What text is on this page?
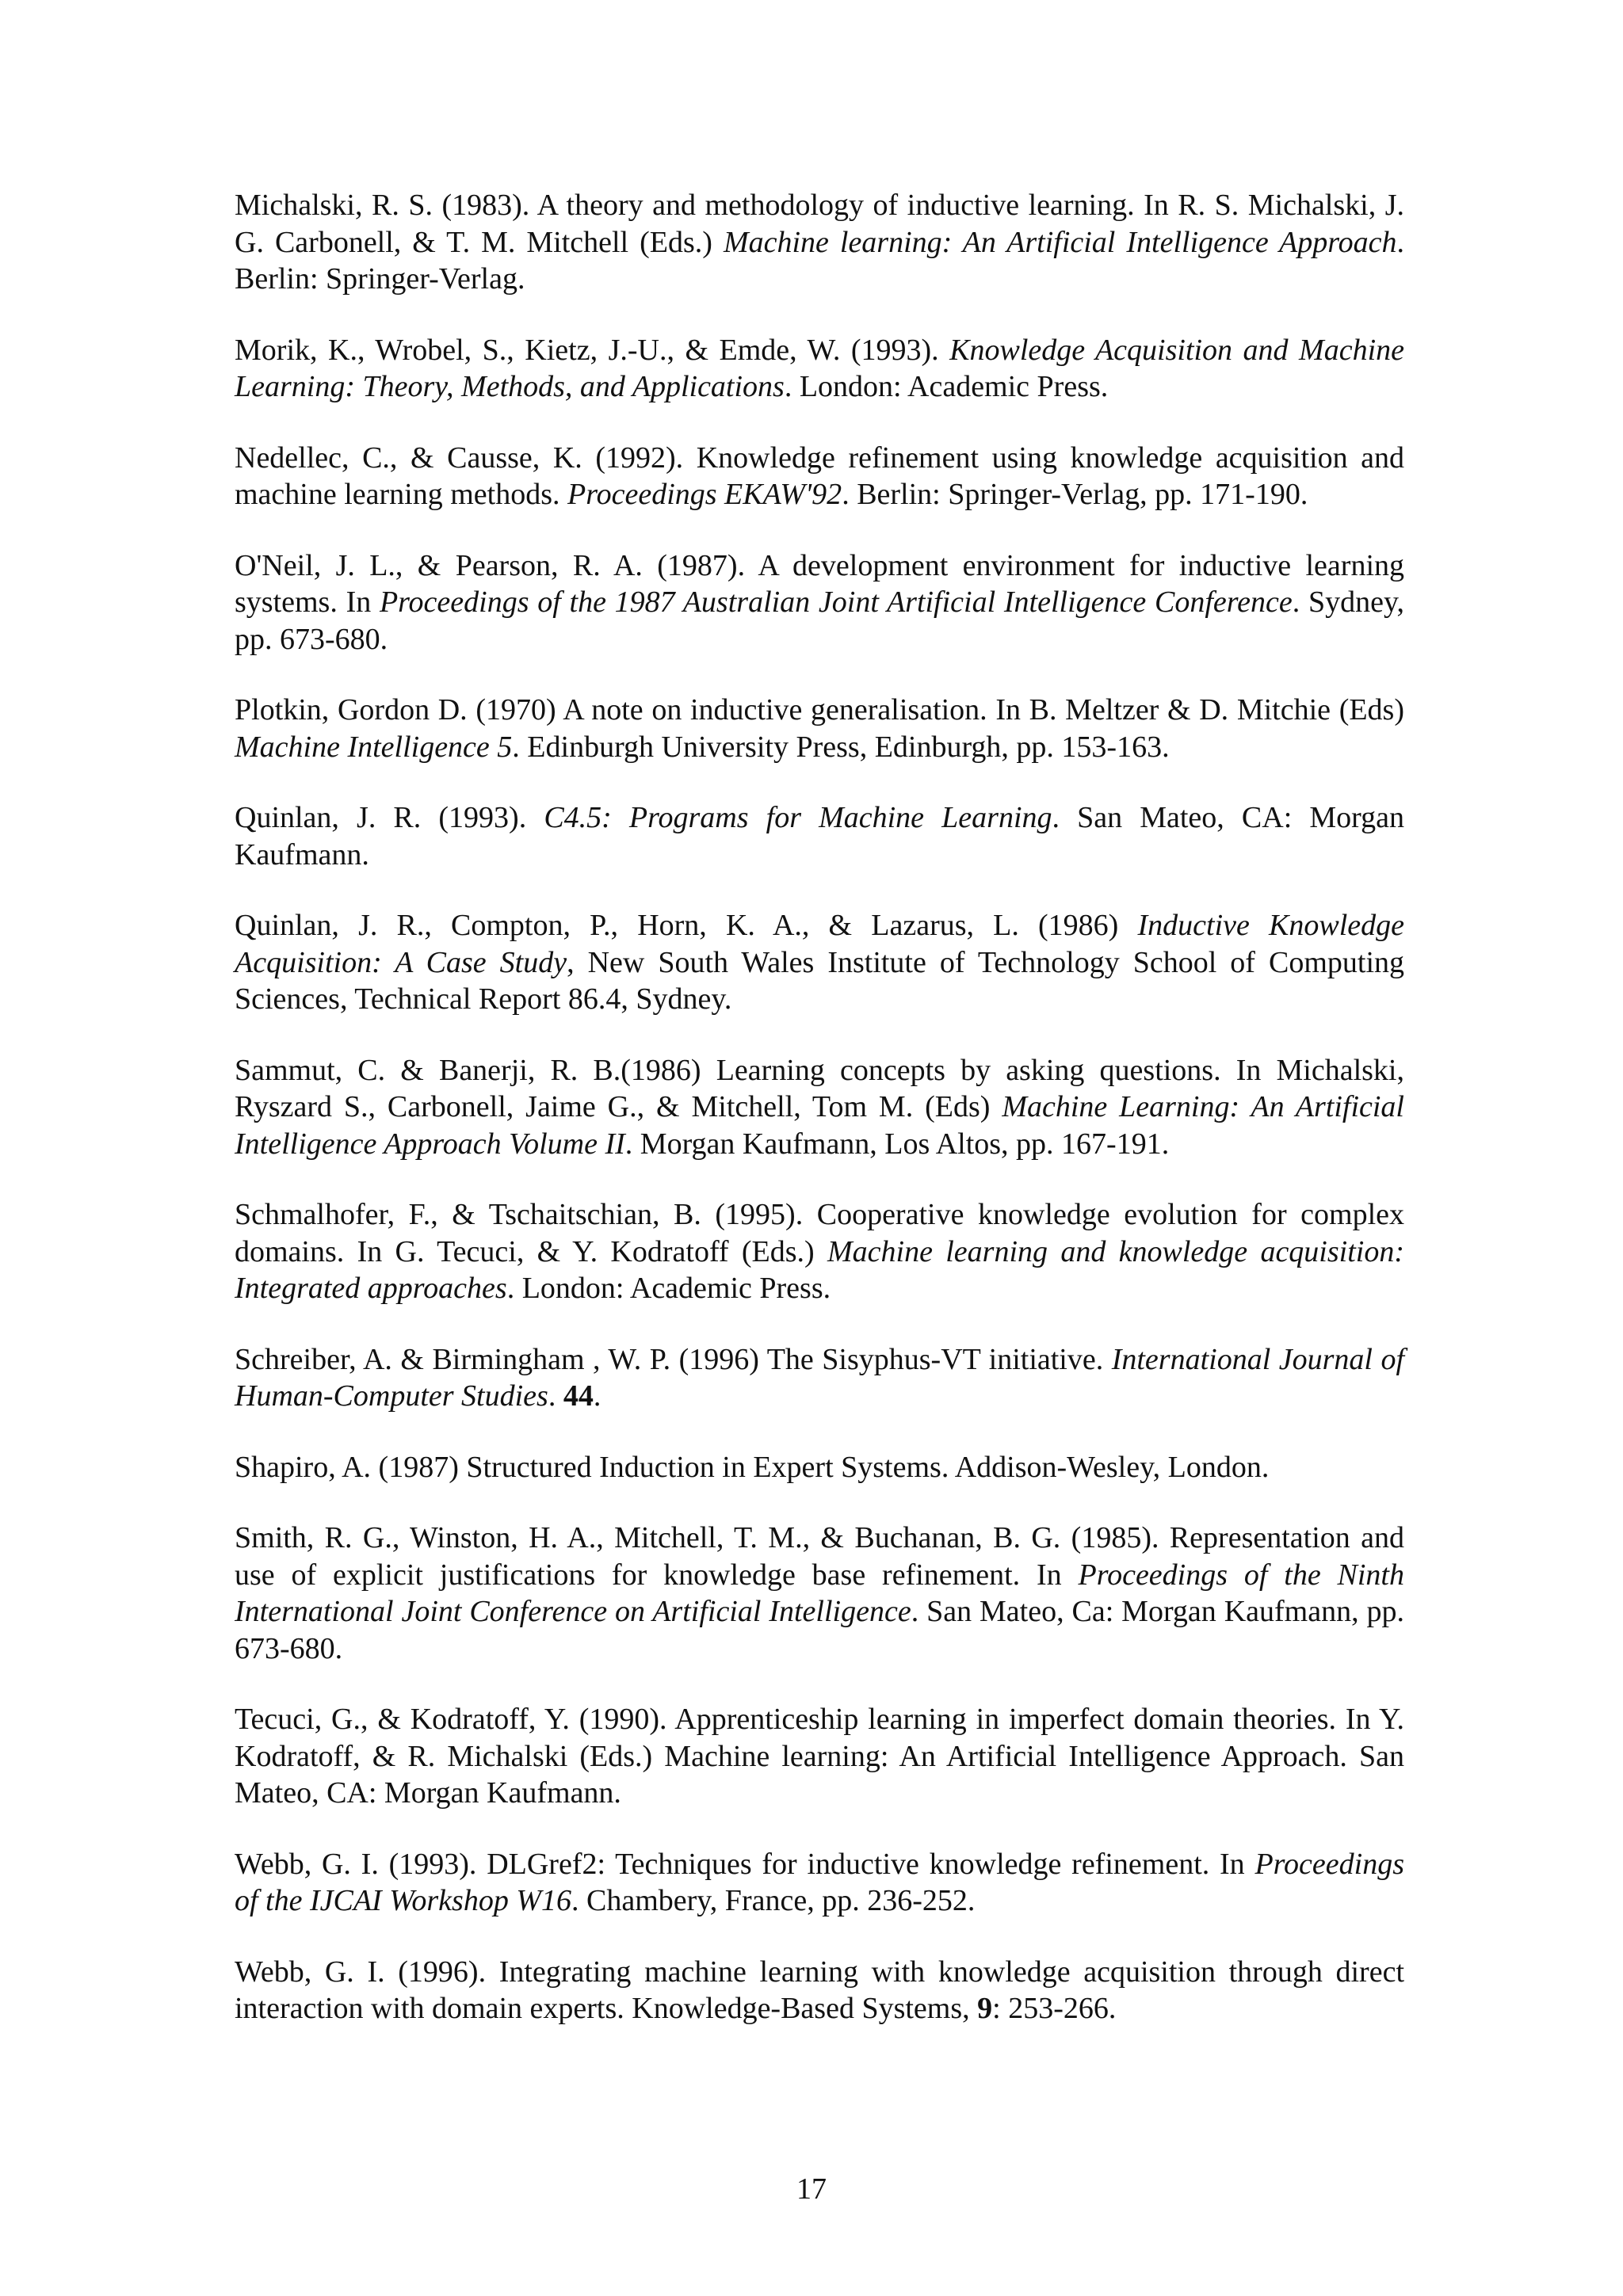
Michalski, R. S. (1983). A theory and methodology of inductive learning. In R. S. Michalski, J. G. Carbonell, & T. M. Mitchell (Eds.) Machine learning: An Artificial Intelligence Approach. Berlin: Springer-Verlag.

Morik, K., Wrobel, S., Kietz, J.-U., & Emde, W. (1993). Knowledge Acquisition and Machine Learning: Theory, Methods, and Applications. London: Academic Press.

Nedellec, C., & Causse, K. (1992). Knowledge refinement using knowledge acquisition and machine learning methods. Proceedings EKAW'92. Berlin: Springer-Verlag, pp. 171-190.

O'Neil, J. L., & Pearson, R. A. (1987). A development environment for inductive learning systems. In Proceedings of the 1987 Australian Joint Artificial Intelligence Conference. Sydney, pp. 673-680.

Plotkin, Gordon D. (1970) A note on inductive generalisation. In B. Meltzer & D. Mitchie (Eds) Machine Intelligence 5. Edinburgh University Press, Edinburgh, pp. 153-163.

Quinlan, J. R. (1993). C4.5: Programs for Machine Learning. San Mateo, CA: Morgan Kaufmann.

Quinlan, J. R., Compton, P., Horn, K. A., & Lazarus, L. (1986) Inductive Knowledge Acquisition: A Case Study, New South Wales Institute of Technology School of Computing Sciences, Technical Report 86.4, Sydney.

Sammut, C. & Banerji, R. B.(1986) Learning concepts by asking questions. In Michalski, Ryszard S., Carbonell, Jaime G., & Mitchell, Tom M. (Eds) Machine Learning: An Artificial Intelligence Approach Volume II. Morgan Kaufmann, Los Altos, pp. 167-191.

Schmalhofer, F., & Tschaitschian, B. (1995). Cooperative knowledge evolution for complex domains. In G. Tecuci, & Y. Kodratoff (Eds.) Machine learning and knowledge acquisition: Integrated approaches. London: Academic Press.

Schreiber, A. & Birmingham , W. P. (1996) The Sisyphus-VT initiative. International Journal of Human-Computer Studies. 44.

Shapiro, A. (1987) Structured Induction in Expert Systems. Addison-Wesley, London.

Smith, R. G., Winston, H. A., Mitchell, T. M., & Buchanan, B. G. (1985). Representation and use of explicit justifications for knowledge base refinement. In Proceedings of the Ninth International Joint Conference on Artificial Intelligence. San Mateo, Ca: Morgan Kaufmann, pp. 673-680.

Tecuci, G., & Kodratoff, Y. (1990). Apprenticeship learning in imperfect domain theories. In Y. Kodratoff, & R. Michalski (Eds.) Machine learning: An Artificial Intelligence Approach. San Mateo, CA: Morgan Kaufmann.

Webb, G. I. (1993). DLGref2: Techniques for inductive knowledge refinement. In Proceedings of the IJCAI Workshop W16. Chambery, France, pp. 236-252.

Webb, G. I. (1996). Integrating machine learning with knowledge acquisition through direct interaction with domain experts. Knowledge-Based Systems, 9: 253-266.

17
